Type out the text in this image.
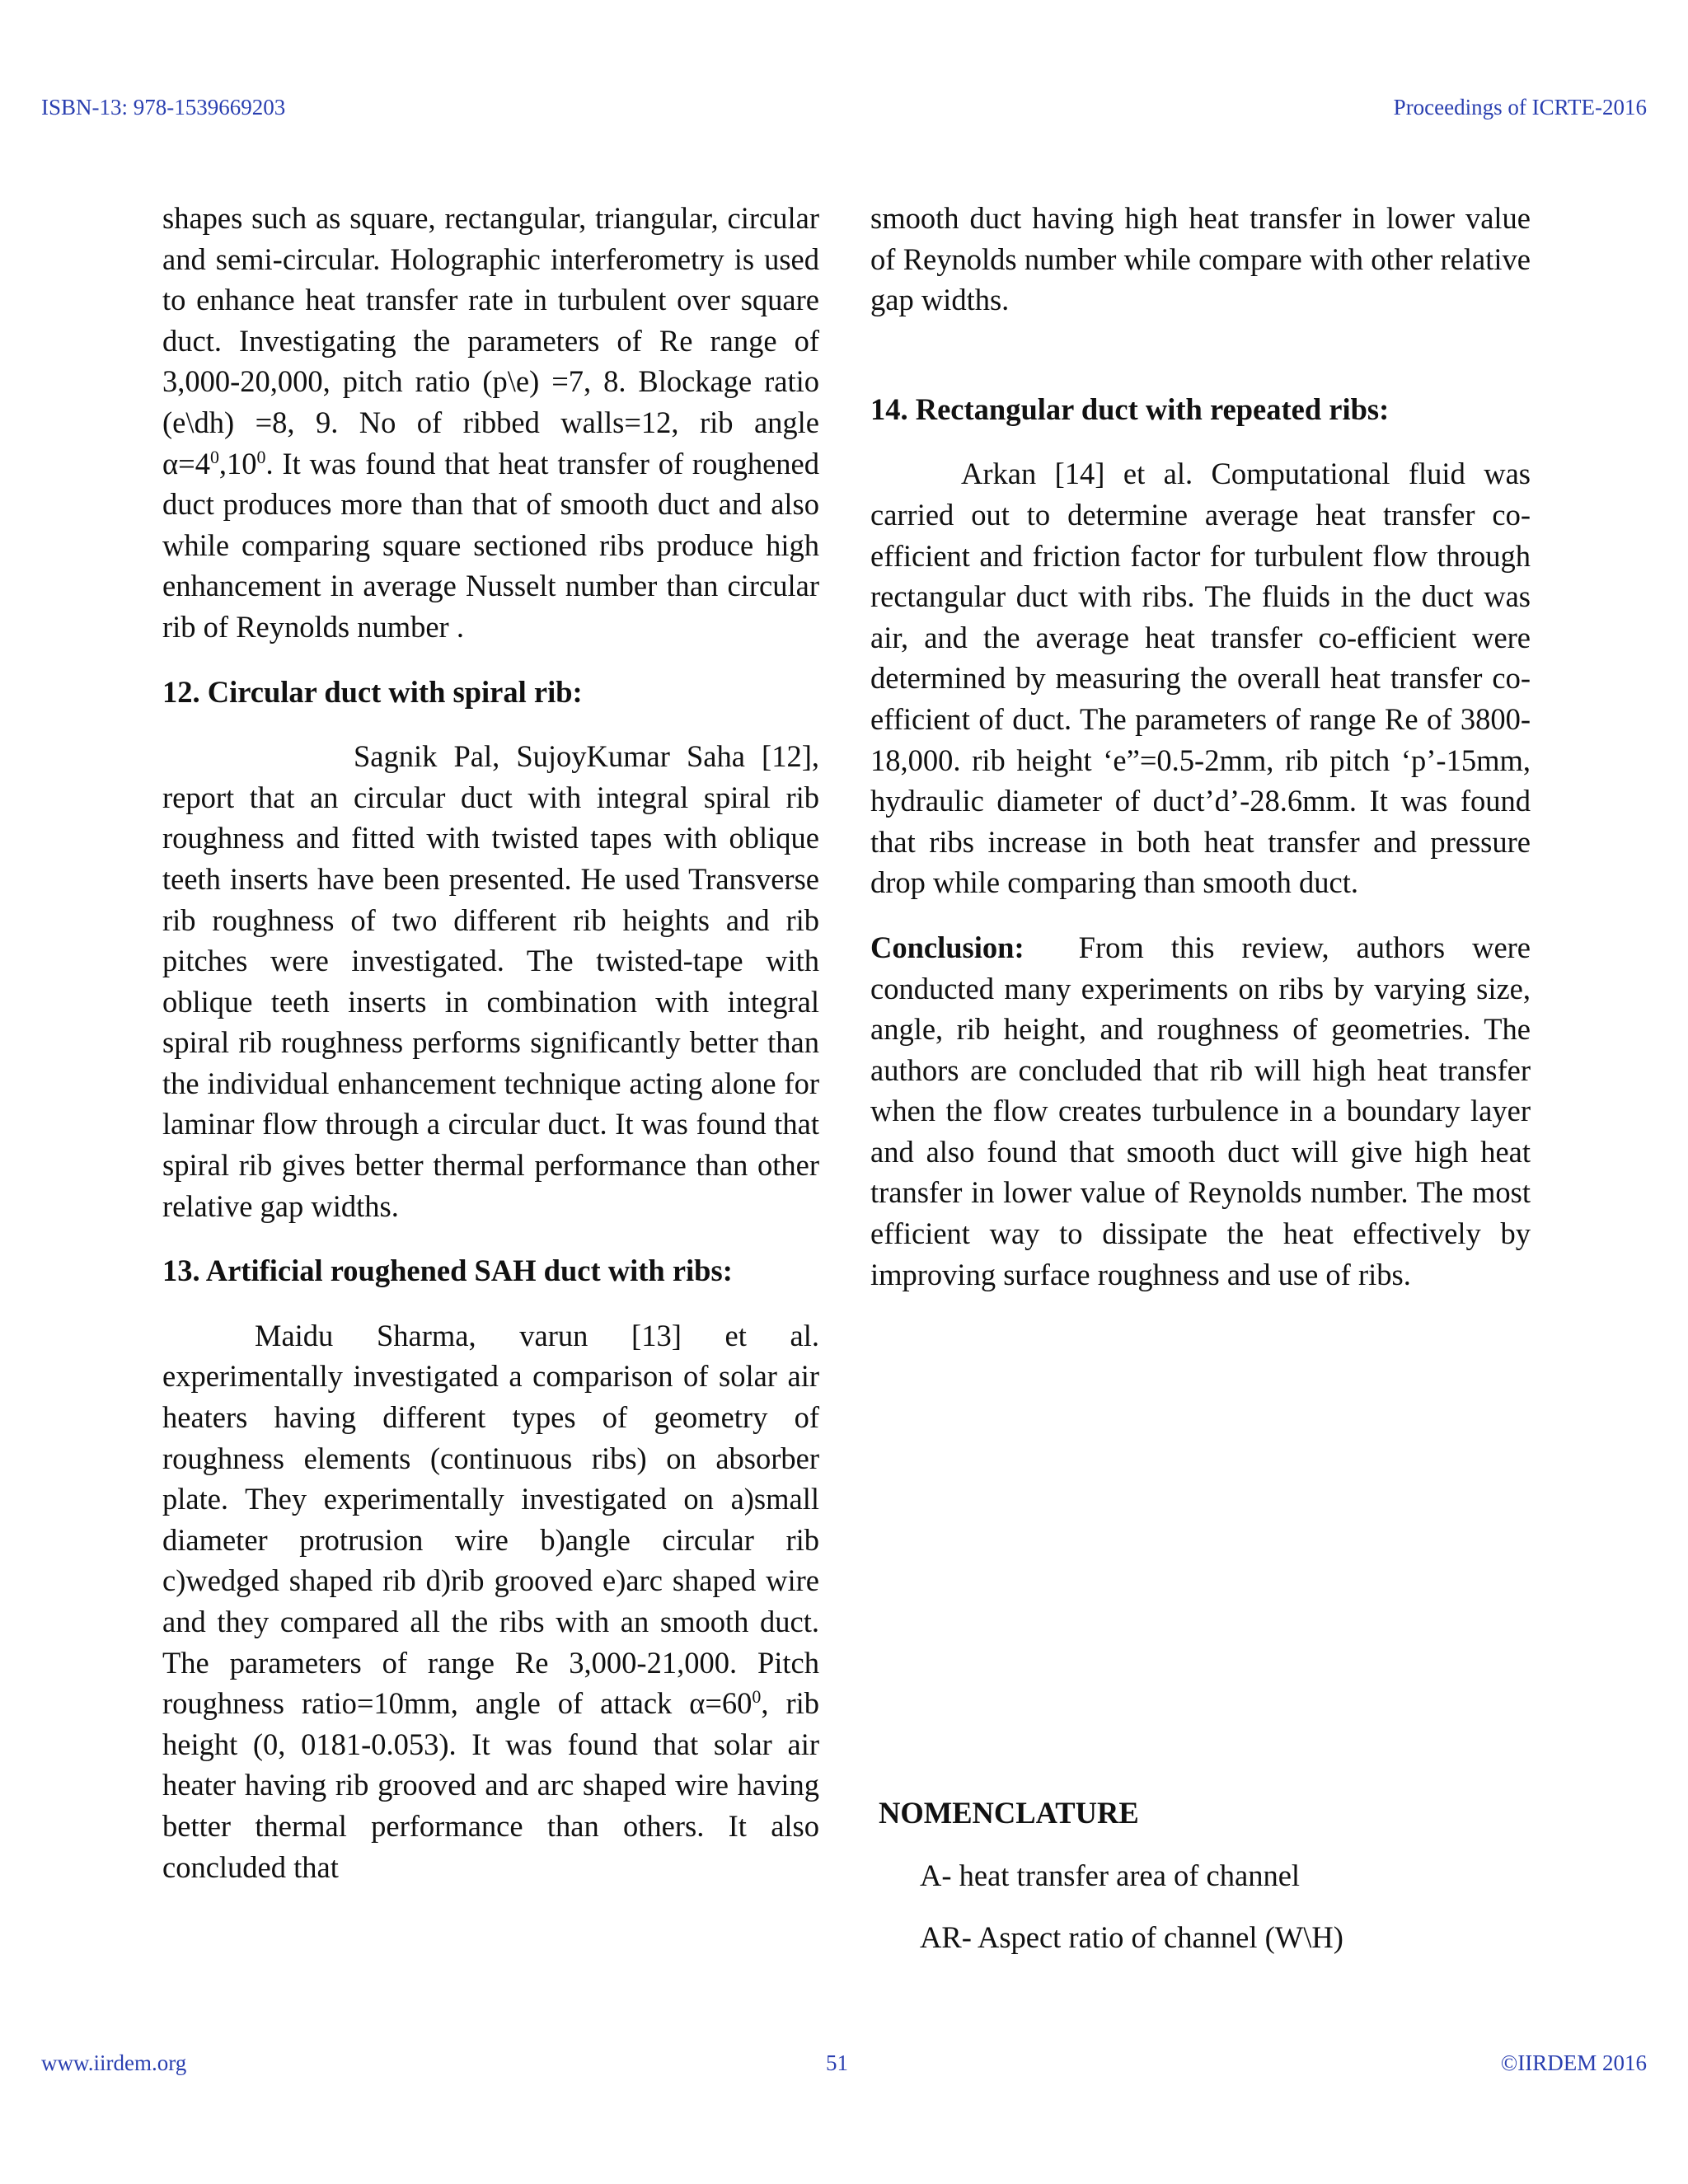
ISBN-13: 978-1539669203	Proceedings of ICRTE-2016

shapes such as square, rectangular, triangular, circular and semi-circular. Holographic interferometry is used to enhance heat transfer rate in turbulent over square duct. Investigating the parameters of Re range of 3,000-20,000, pitch ratio (p\e) =7, 8. Blockage ratio (e\dh) =8, 9. No of ribbed walls=12, rib angle $\alpha=4^0,10^0$. It was found that heat transfer of roughened duct produces more than that of smooth duct and also while comparing square sectioned ribs produce high enhancement in average Nusselt number than circular rib of Reynolds number .

12. Circular duct with spiral rib:

Sagnik Pal, SujoyKumar Saha [12], report that an circular duct with integral spiral rib roughness and fitted with twisted tapes with oblique teeth inserts have been presented. He used Transverse rib roughness of two different rib heights and rib pitches were investigated. The twisted-tape with oblique teeth inserts in combination with integral spiral rib roughness performs significantly better than the individual enhancement technique acting alone for laminar flow through a circular duct. It was found that spiral rib gives better thermal performance than other relative gap widths.

13. Artificial roughened SAH duct with ribs:

Maidu Sharma, varun [13] et al. experimentally investigated a comparison of solar air heaters having different types of geometry of roughness elements (continuous ribs) on absorber plate. They experimentally investigated on a)small diameter protrusion wire b)angle circular rib c)wedged shaped rib d)rib grooved e)arc shaped wire and they compared all the ribs with an smooth duct. The parameters of range Re 3,000-21,000. Pitch roughness ratio=10mm, angle of attack $\alpha=60^0$, rib height (0, 0181-0.053). It was found that solar air heater having rib grooved and arc shaped wire having better thermal performance than others. It also concluded that

smooth duct having high heat transfer in lower value of Reynolds number while compare with other relative gap widths.

14. Rectangular duct with repeated ribs:

Arkan [14] et al. Computational fluid was carried out to determine average heat transfer co-efficient and friction factor for turbulent flow through rectangular duct with ribs. The fluids in the duct was air, and the average heat transfer co-efficient were determined by measuring the overall heat transfer co-efficient of duct. The parameters of range Re of 3800-18,000. rib height ‘e”=0.5-2mm, rib pitch ‘p’-15mm, hydraulic diameter of duct’d’-28.6mm. It was found that ribs increase in both heat transfer and pressure drop while comparing than smooth duct.

Conclusion: From this review, authors were conducted many experiments on ribs by varying size, angle, rib height, and roughness of geometries. The authors are concluded that rib will high heat transfer when the flow creates turbulence in a boundary layer and also found that smooth duct will give high heat transfer in lower value of Reynolds number. The most efficient way to dissipate the heat effectively by improving surface roughness and use of ribs.

NOMENCLATURE
A- heat transfer area of channel
AR- Aspect ratio of channel (W\H)
www.iirdem.org	51	©IIRDEM 2016
